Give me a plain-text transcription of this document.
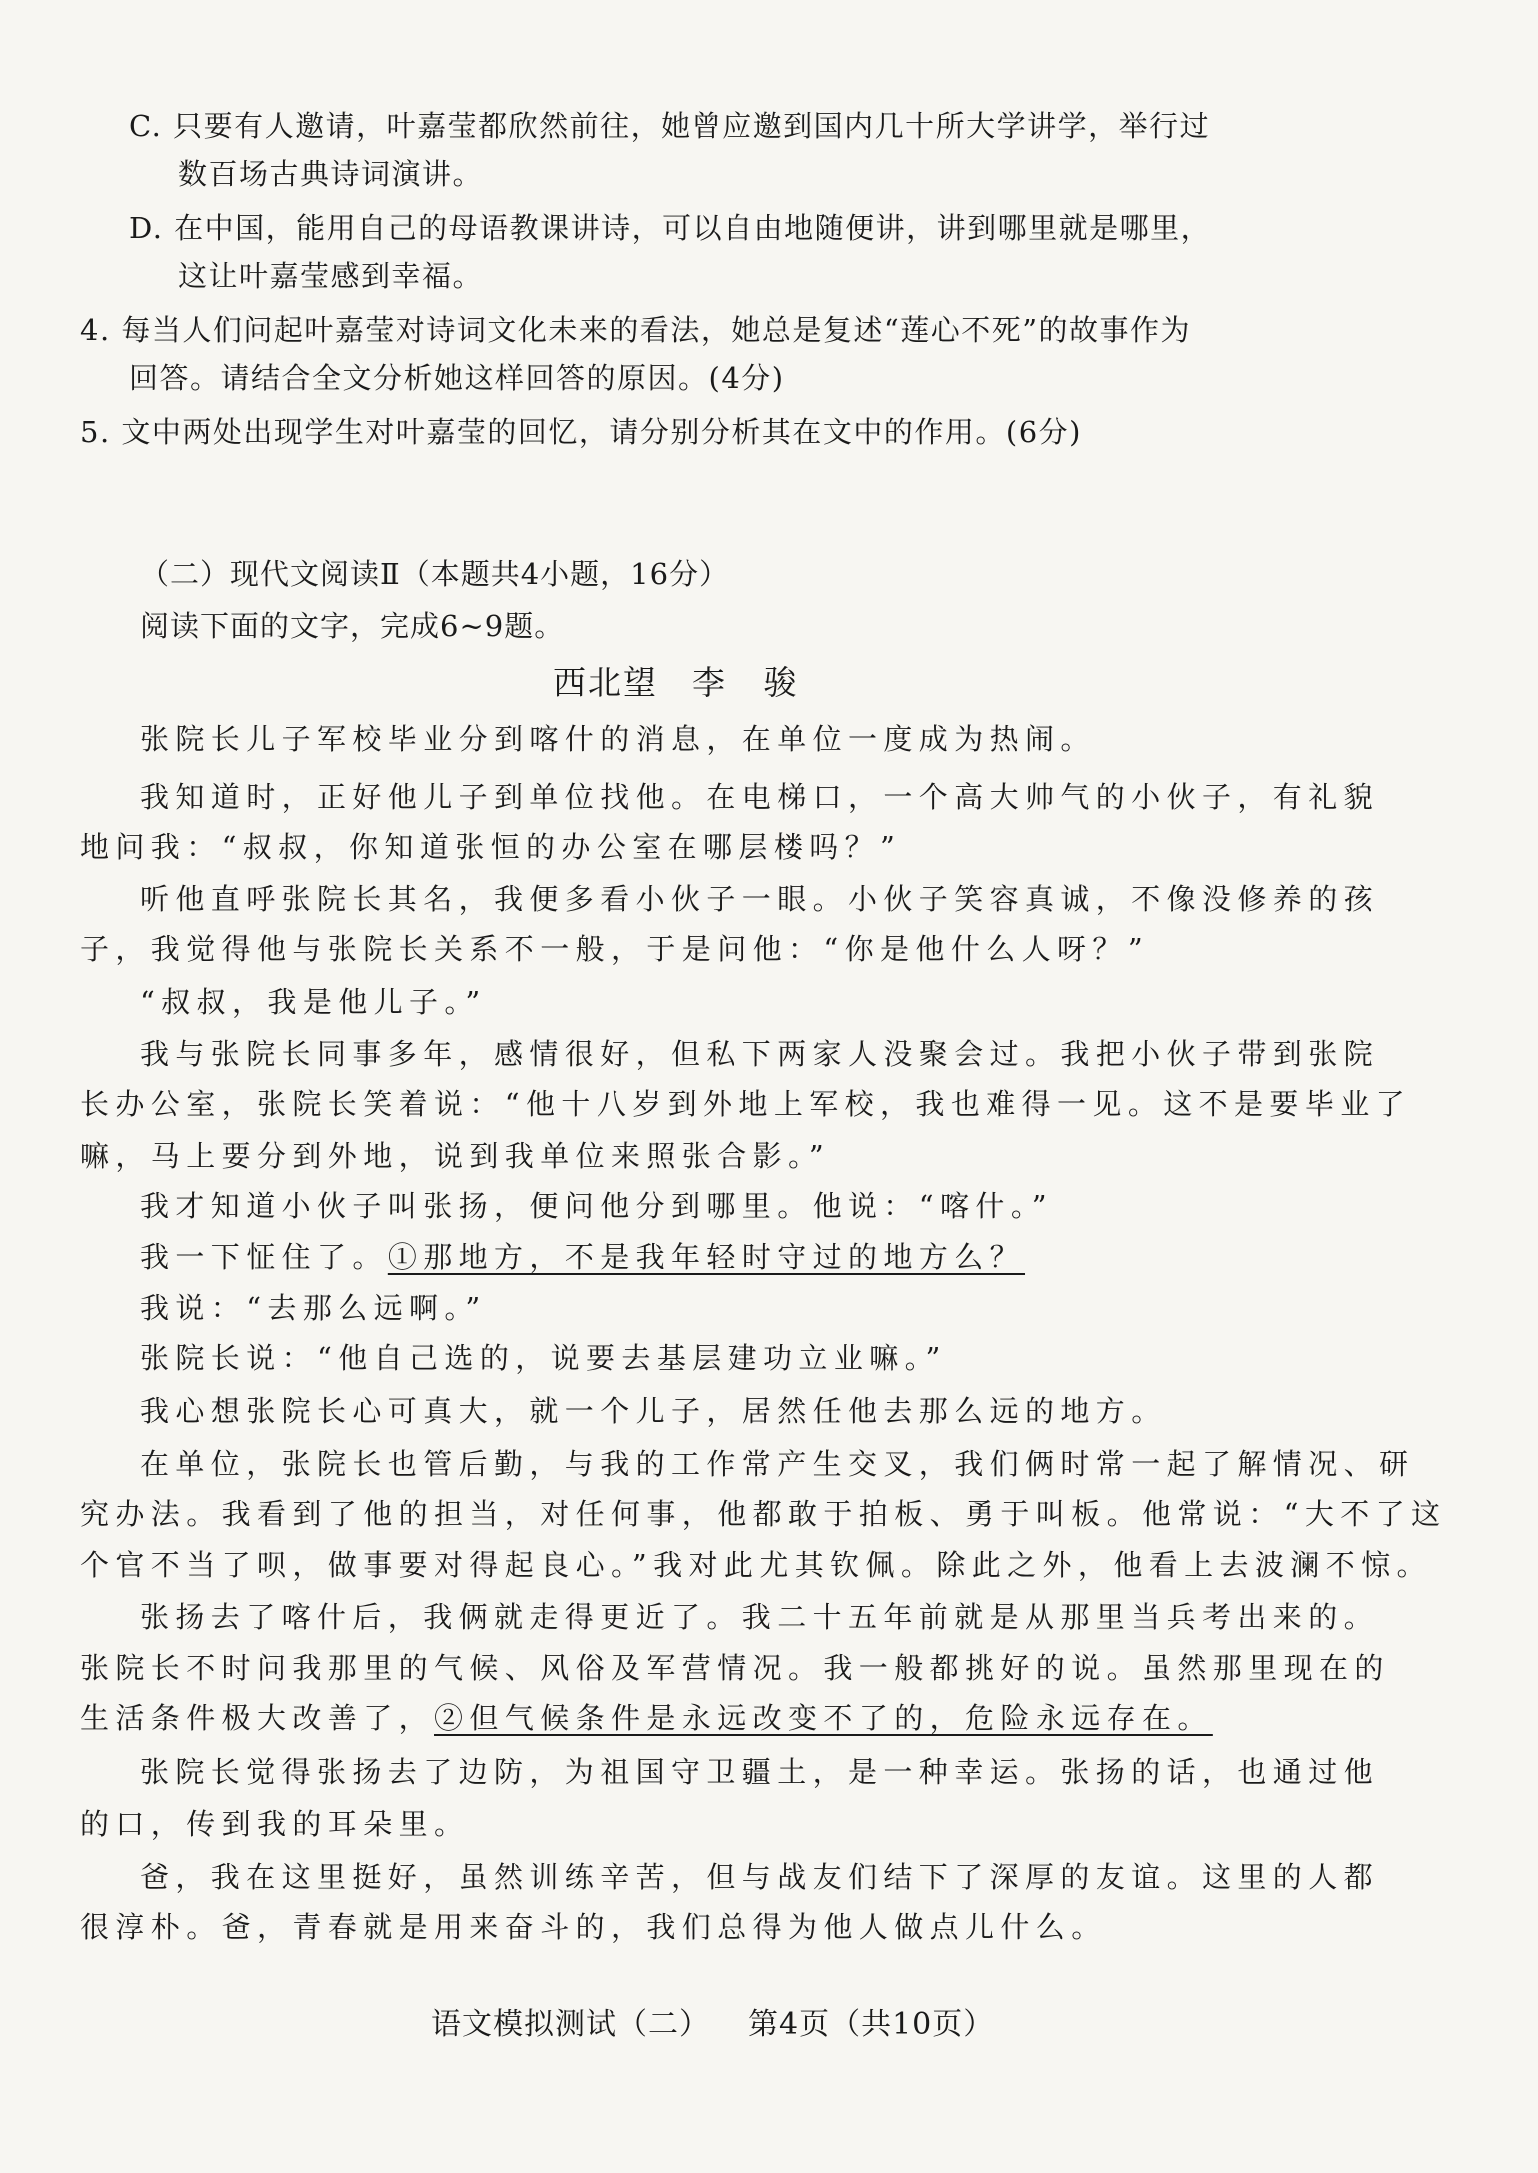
C. 只要有人邀请，叶嘉莹都欣然前往，她曾应邀到国内几十所大学讲学，举行过
数百场古典诗词演讲。
D. 在中国，能用自己的母语教课讲诗，可以自由地随便讲，讲到哪里就是哪里，
这让叶嘉莹感到幸福。
4. 每当人们问起叶嘉莹对诗词文化未来的看法，她总是复述“莲心不死”的故事作为
回答。请结合全文分析她这样回答的原因。(4分)
5. 文中两处出现学生对叶嘉莹的回忆，请分别分析其在文中的作用。(6分)
（二）现代文阅读Ⅱ（本题共4小题，16分）
阅读下面的文字，完成6~9题。
西北望 李 骏
张院长儿子军校毕业分到喀什的消息，在单位一度成为热闹。
我知道时，正好他儿子到单位找他。在电梯口，一个高大帅气的小伙子，有礼貌
地问我：“叔叔，你知道张恒的办公室在哪层楼吗？”
听他直呼张院长其名，我便多看小伙子一眼。小伙子笑容真诚，不像没修养的孩
子，我觉得他与张院长关系不一般，于是问他：“你是他什么人呀？”
“叔叔，我是他儿子。”
我与张院长同事多年，感情很好，但私下两家人没聚会过。我把小伙子带到张院
长办公室，张院长笑着说：“他十八岁到外地上军校，我也难得一见。这不是要毕业了
嘛，马上要分到外地，说到我单位来照张合影。”
我才知道小伙子叫张扬，便问他分到哪里。他说：“喀什。”
我一下怔住了。①那地方，不是我年轻时守过的地方么？
我说：“去那么远啊。”
张院长说：“他自己选的，说要去基层建功立业嘛。”
我心想张院长心可真大，就一个儿子，居然任他去那么远的地方。
在单位，张院长也管后勤，与我的工作常产生交叉，我们俩时常一起了解情况、研
究办法。我看到了他的担当，对任何事，他都敢于拍板、勇于叫板。他常说：“大不了这
个官不当了呗，做事要对得起良心。”我对此尤其钦佩。除此之外，他看上去波澜不惊。
张扬去了喀什后，我俩就走得更近了。我二十五年前就是从那里当兵考出来的。
张院长不时问我那里的气候、风俗及军营情况。我一般都挑好的说。虽然那里现在的
生活条件极大改善了，②但气候条件是永远改变不了的，危险永远存在。
张院长觉得张扬去了边防，为祖国守卫疆土，是一种幸运。张扬的话，也通过他
的口，传到我的耳朵里。
爸，我在这里挺好，虽然训练辛苦，但与战友们结下了深厚的友谊。这里的人都
很淳朴。爸，青春就是用来奋斗的，我们总得为他人做点儿什么。
语文模拟测试（二） 第4页（共10页）
